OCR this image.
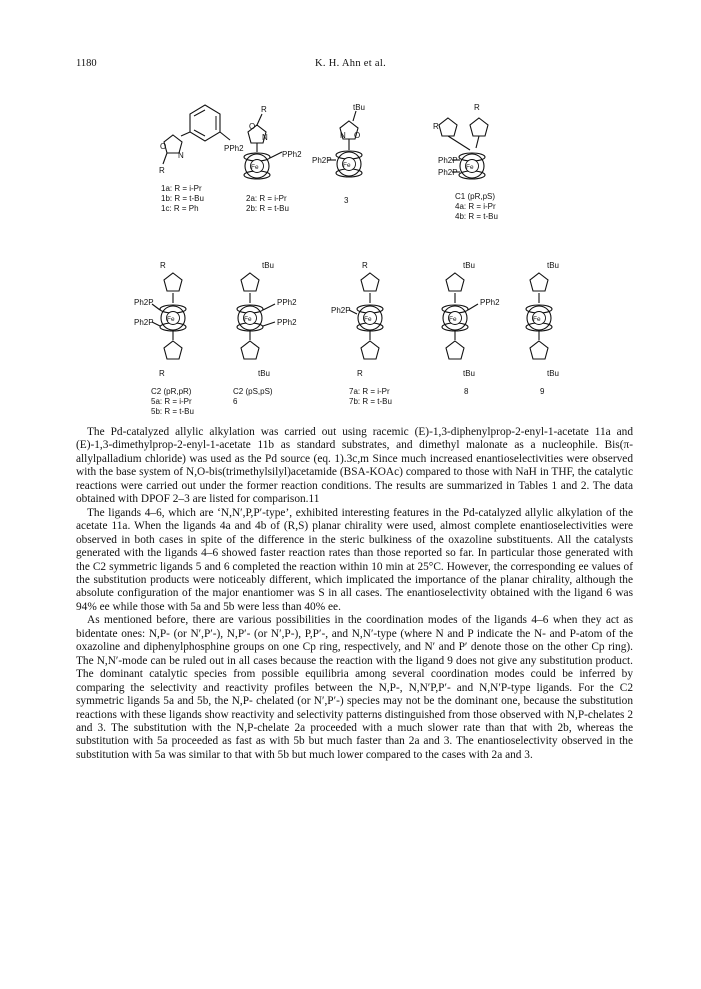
1180	K. H. Ahn et al.
N
O	PPh2
R
R
N
O
PPh2
Fe
tBu
N O
Ph2P
Fe
R
R
Ph2P
Ph2P
Fe
R
Ph2P
Ph2P Fe
R
tBu
PPh2
PPh2
Fe
tBu
R
Ph2P
Fe
R
tBu
PPh2
Fe
tBu
tBu
Fe
tBu
1a: R = i-Pr
1b: R = t-Bu
1c: R = Ph
2a: R = i-Pr
2b: R = t-Bu
3	C1 (pR,pS)
4a: R = i-Pr
4b: R = t-Bu
C2 (pR,pR)
5a: R = i-Pr
5b: R = t-Bu
C2 (pS,pS)
6
7a: R = i-Pr
7b: R = t-Bu
8	9

The Pd-catalyzed allylic alkylation was carried out using racemic (E)-1,3-diphenylprop-2-enyl-1-acetate 11a and (E)-1,3-dimethylprop-2-enyl-1-acetate 11b as standard substrates, and dimethyl malonate as a nucleophile. Bis(π-allylpalladium chloride) was used as the Pd source (eq. 1).3c,m Since much increased enantioselectivities were observed with the base system of N,O-bis(trimethylsilyl)acetamide (BSA-KOAc) compared to those with NaH in THF, the catalytic reactions were carried out under the former reaction conditions. The results are summarized in Tables 1 and 2. The data obtained with DPOF 2–3 are listed for comparison.11

The ligands 4–6, which are ‘N,N′,P,P′-type’, exhibited interesting features in the Pd-catalyzed allylic alkylation of the acetate 11a. When the ligands 4a and 4b of (R,S) planar chirality were used, almost complete enantioselectivities were observed in both cases in spite of the difference in the steric bulkiness of the oxazoline substituents. All the catalysts generated with the ligands 4–6 showed faster reaction rates than those reported so far. In particular those generated with the C2 symmetric ligands 5 and 6 completed the reaction within 10 min at 25°C. However, the corresponding ee values of the substitution products were noticeably different, which implicated the importance of the planar chirality, although the absolute configuration of the major enantiomer was S in all cases. The enantioselectivity obtained with the ligand 6 was 94% ee while those with 5a and 5b were less than 40% ee.

As mentioned before, there are various possibilities in the coordination modes of the ligands 4–6 when they act as bidentate ones: N,P- (or N′,P′-), N,P′- (or N′,P-), P,P′-, and N,N′-type (where N and P indicate the N- and P-atom of the oxazoline and diphenylphosphine groups on one Cp ring, respectively, and N′ and P′ denote those on the other Cp ring). The N,N′-mode can be ruled out in all cases because the reaction with the ligand 9 does not give any substitution product. The dominant catalytic species from possible equilibria among several coordination modes could be inferred by comparing the selectivity and reactivity profiles between the N,P-, N,N′P,P′- and N,N′P-type ligands. For the C2 symmetric ligands 5a and 5b, the N,P- chelated (or N′,P′-) species may not be the dominant one, because the substitution reactions with these ligands show reactivity and selectivity patterns distinguished from those observed with N,P-chelates 2 and 3. The substitution with the N,P-chelate 2a proceeded with a much slower rate than that with 2b, whereas the substitution with 5a proceeded as fast as with 5b but much faster than 2a and 3. The enantioselectivity observed in the substitution with 5a was similar to that with 5b but much lower compared to the cases with 2a and 3.
